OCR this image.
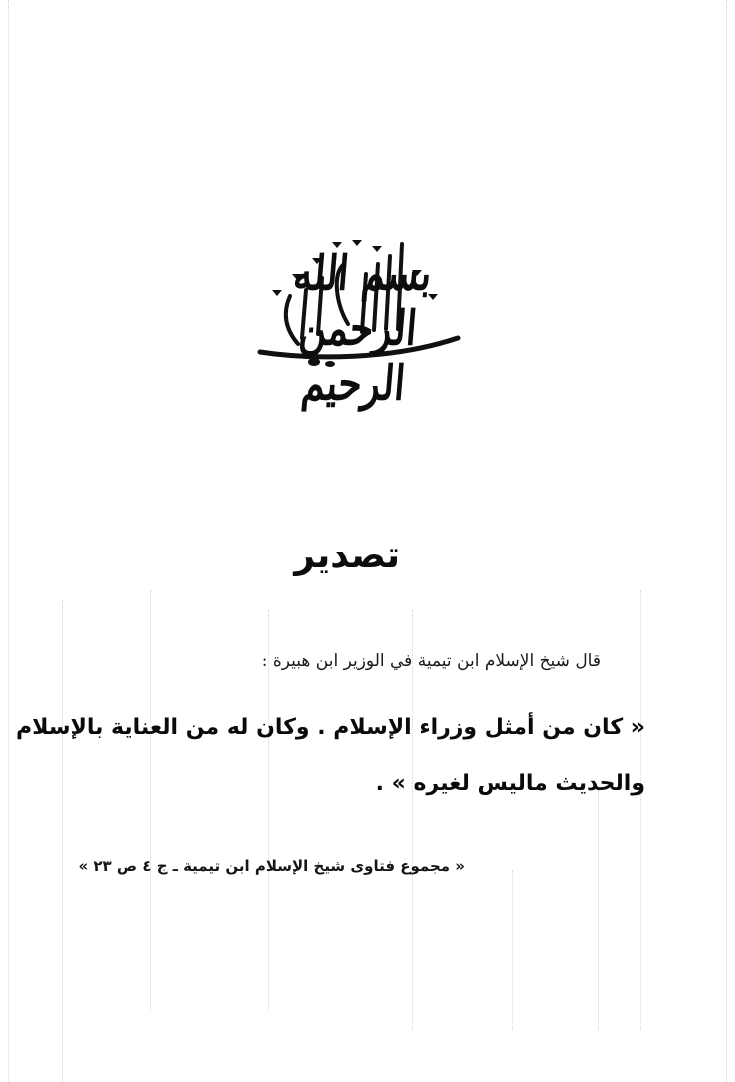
بسم الله الرحمن الرحيم
تصدير
قال شيخ الإسلام ابن تيمية في الوزير ابن هبيرة :
« كان من أمثل وزراء الإسلام . وكان له من العناية بالإسلام
والحديث ماليس لغيره » .
« مجموع فتاوى شيخ الإسلام ابن تيمية ـ ج ٤ ص ٢٣ »
